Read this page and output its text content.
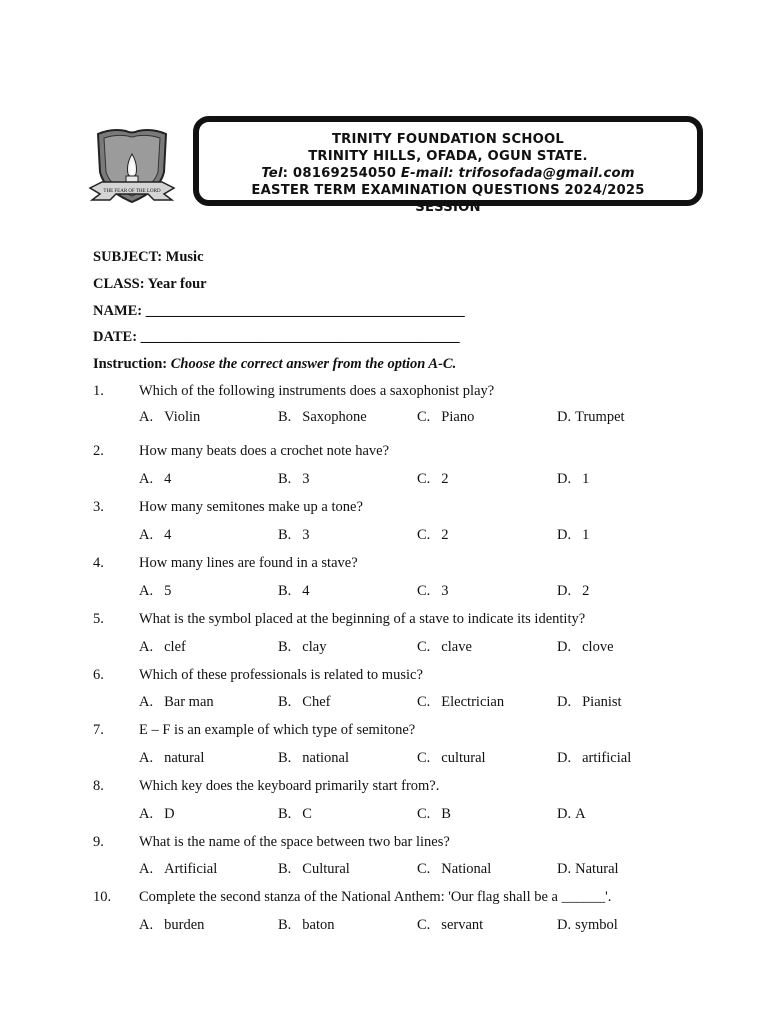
THE FEAR OF THE LORD
TRINITY FOUNDATION SCHOOL
TRINITY HILLS, OFADA, OGUN STATE.
Tel: 08169254050 E-mail: trifosofada@gmail.com
EASTER TERM EXAMINATION QUESTIONS 2024/2025
SESSION
SUBJECT: Music
CLASS: Year four
NAME: ____________________________________________
DATE: ____________________________________________
Instruction: Choose the correct answer from the option A-C.
1. Which of the following instruments does a saxophonist play?
A. Violin	B. Saxophone	C. Piano	D. Trumpet
2. How many beats does a crochet note have?
A. 4	B. 3	C. 2	D. 1
3. How many semitones make up a tone?
A. 4	B. 3	C. 2	D. 1
4. How many lines are found in a stave?
A. 5	B. 4	C. 3	D. 2
5. What is the symbol placed at the beginning of a stave to indicate its identity?
A. clef	B. clay	C. clave	D. clove
6. Which of these professionals is related to music?
A. Bar man	B. Chef	C. Electrician	D. Pianist
7. E – F is an example of which type of semitone?
A. natural	B. national	C. cultural	D. artificial
8. Which key does the keyboard primarily start from?.
A. D	B. C	C. B	D. A
9. What is the name of the space between two bar lines?
A. Artificial	B. Cultural	C. National	D. Natural
10. Complete the second stanza of the National Anthem: 'Our flag shall be a ______'.
A. burden	B. baton	C. servant	D. symbol
